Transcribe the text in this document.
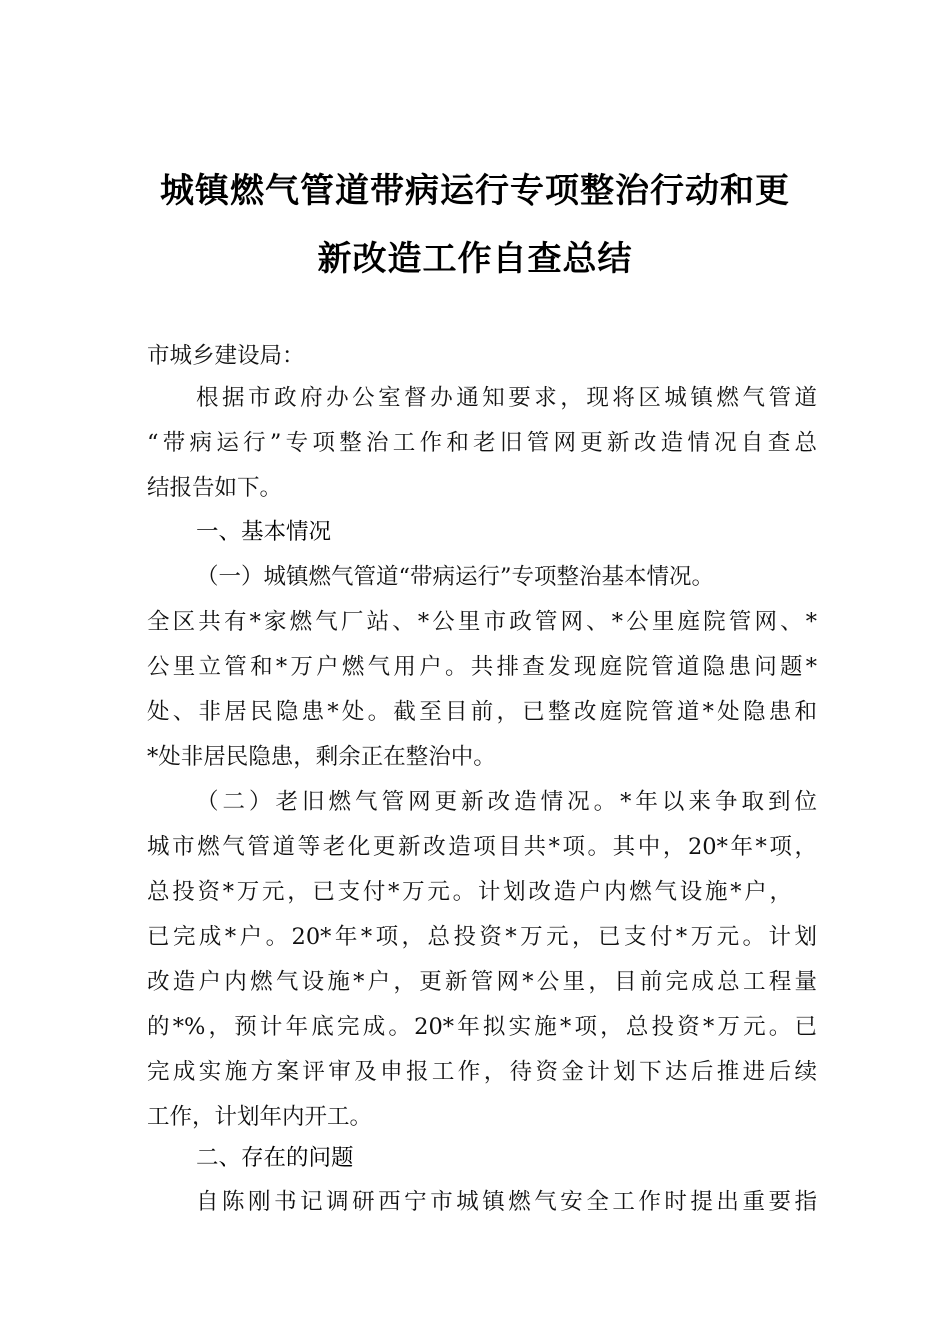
城镇燃气管道带病运行专项整治行动和更
新改造工作自查总结
市城乡建设局：
根据市政府办公室督办通知要求，现将区城镇燃气管道
“带病运行”专项整治工作和老旧管网更新改造情况自查总
结报告如下。
一、基本情况
（一）城镇燃气管道“带病运行”专项整治基本情况。
全区共有*家燃气厂站、*公里市政管网、*公里庭院管网、*
公里立管和*万户燃气用户。共排查发现庭院管道隐患问题*
处、非居民隐患*处。截至目前，已整改庭院管道*处隐患和
*处非居民隐患，剩余正在整治中。
（二）老旧燃气管网更新改造情况。*年以来争取到位
城市燃气管道等老化更新改造项目共*项。其中，20*年*项，
总投资*万元，已支付*万元。计划改造户内燃气设施*户，
已完成*户。20*年*项，总投资*万元，已支付*万元。计划
改造户内燃气设施*户，更新管网*公里，目前完成总工程量
的*%，预计年底完成。20*年拟实施*项，总投资*万元。已
完成实施方案评审及申报工作，待资金计划下达后推进后续
工作，计划年内开工。
二、存在的问题
自陈刚书记调研西宁市城镇燃气安全工作时提出重要指
